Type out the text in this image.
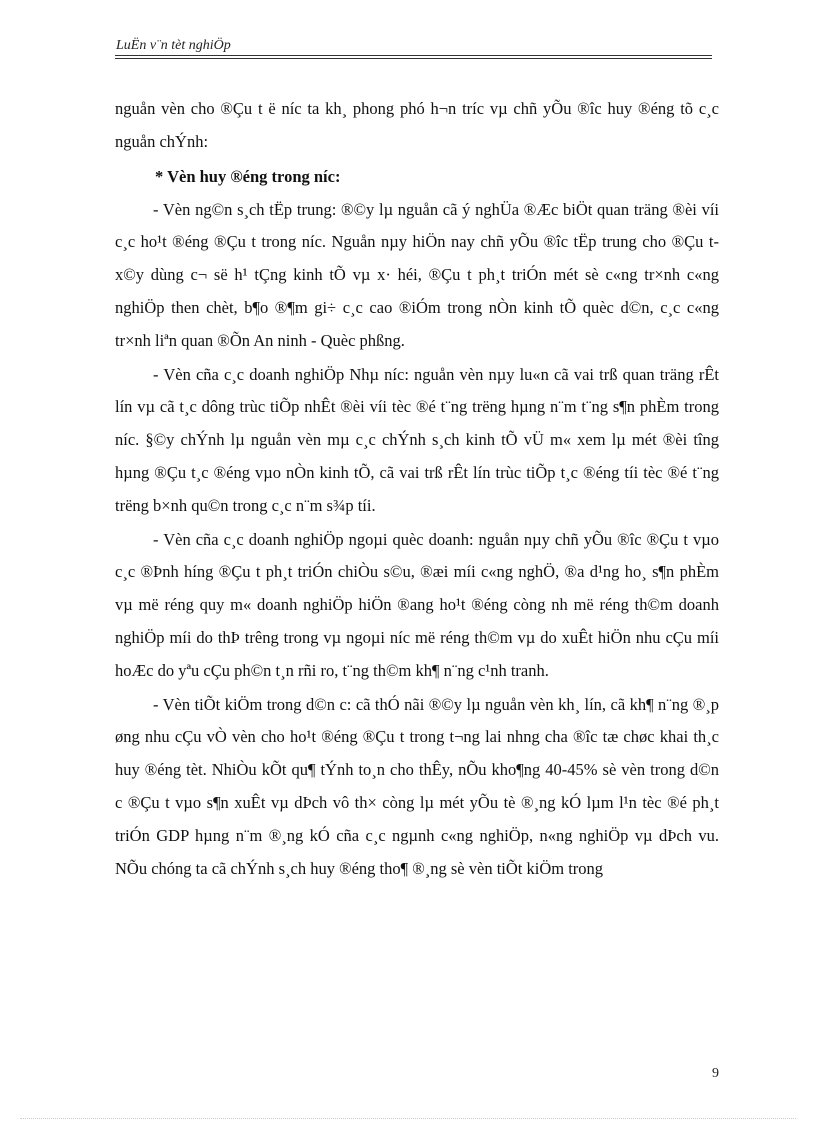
LuËn v¨n tèt nghiÖp

nguån vèn cho ®Çu t ë níc ta kh¸ phong phó h¬n tríc vµ chñ yÕu ®îc huy ®éng tõ c¸c nguån chÝnh:

* Vèn huy ®éng trong níc:

- Vèn ng©n s¸ch tËp trung: ®©y lµ nguån cã ý nghÜa ®Æc biÖt quan träng ®èi víi c¸c ho¹t ®éng ®Çu t trong níc. Nguån nµy hiÖn nay chñ yÕu ®îc tËp trung cho ®Çu t x©y dùng c¬ së h¹ tÇng kinh tÕ vµ x· héi, ®Çu t ph¸t triÓn mét sè c«ng tr×nh c«ng nghiÖp then chèt, b¶o ®¶m gi÷ c¸c cao ®iÓm trong nÒn kinh tÕ quèc d©n, c¸c c«ng tr×nh liªn quan ®Õn An ninh - Quèc phßng.

- Vèn cña c¸c doanh nghiÖp Nhµ níc: nguån vèn nµy lu«n cã vai trß quan träng rÊt lín vµ cã t¸c dông trùc tiÕp nhÊt ®èi víi tèc ®é t¨ng trëng hµng n¨m t¨ng s¶n phÈm trong níc. §©y chÝnh lµ nguån vèn mµ c¸c chÝnh s¸ch kinh tÕ vÜ m« xem lµ mét ®èi tîng hµng ®Çu t¸c ®éng vµo nÒn kinh tÕ, cã vai trß rÊt lín trùc tiÕp t¸c ®éng tíi tèc ®é t¨ng trëng b×nh qu©n trong c¸c n¨m s¾p tíi.

- Vèn cña c¸c doanh nghiÖp ngoµi quèc doanh: nguån nµy chñ yÕu ®îc ®Çu t vµo c¸c ®Þnh híng ®Çu t ph¸t triÓn chiÒu s©u, ®æi míi c«ng nghÖ, ®a d¹ng ho¸ s¶n phÈm vµ më réng quy m« doanh nghiÖp hiÖn ®ang ho¹t ®éng còng nh më réng th©m doanh nghiÖp míi do thÞ trêng trong vµ ngoµi níc më réng th©m vµ do xuÊt hiÖn nhu cÇu míi hoÆc do yªu cÇu ph©n t¸n rñi ro, t¨ng th©m kh¶ n¨ng c¹nh tranh.

- Vèn tiÕt kiÖm trong d©n c: cã thÓ nãi ®©y lµ nguån vèn kh¸ lín, cã kh¶ n¨ng ®¸p øng nhu cÇu vÒ vèn cho ho¹t ®éng ®Çu t trong t¬ng lai nhng cha ®îc tæ chøc khai th¸c huy ®éng tèt. NhiÒu kÕt qu¶ tÝnh to¸n cho thÊy, nÕu kho¶ng 40-45% sè vèn trong d©n c ®Çu t vµo s¶n xuÊt vµ dÞch vô th× còng lµ mét yÕu tè ®¸ng kÓ lµm l¹n tèc ®é ph¸t triÓn GDP hµng n¨m ®¸ng kÓ cña c¸c ngµnh c«ng nghiÖp, n«ng nghiÖp vµ dÞch vu. NÕu chóng ta cã chÝnh s¸ch huy ®éng tho¶ ®¸ng sè vèn tiÕt kiÖm trong

9
